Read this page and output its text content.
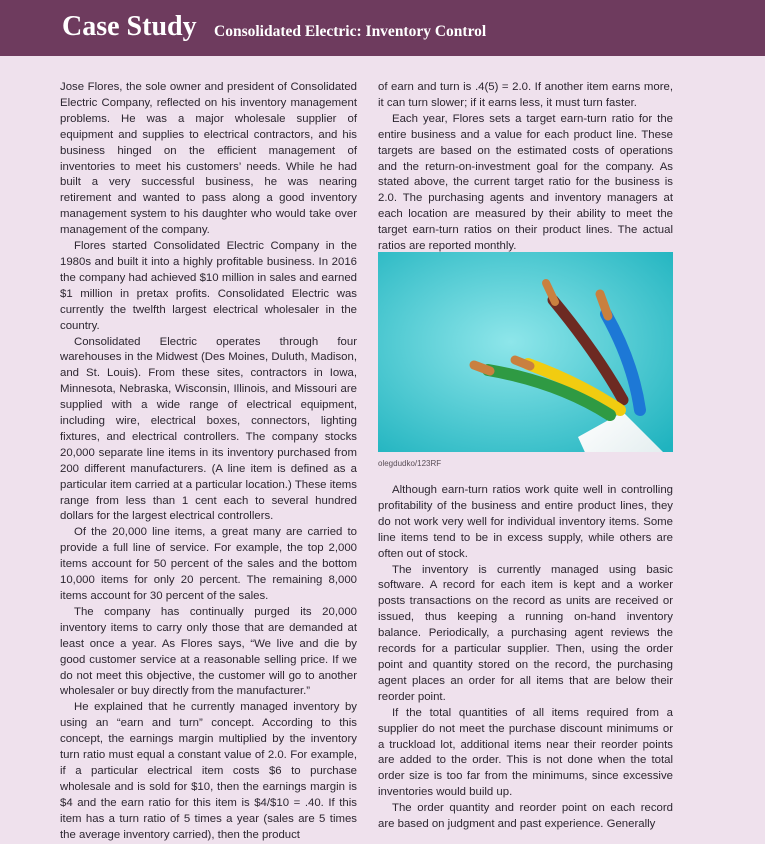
Case Study Consolidated Electric: Inventory Control

Jose Flores, the sole owner and president of Consolidated Electric Company, reflected on his inventory management problems. He was a major wholesale supplier of equipment and supplies to electrical contractors, and his business hinged on the efficient management of inventories to meet his customers’ needs. While he had built a very successful business, he was nearing retirement and wanted to pass along a good inventory management system to his daughter who would take over management of the company.

Flores started Consolidated Electric Company in the 1980s and built it into a highly profitable business. In 2016 the company had achieved $10 million in sales and earned $1 million in pretax profits. Consolidated Electric was currently the twelfth largest electrical wholesaler in the country.

Consolidated Electric operates through four warehouses in the Midwest (Des Moines, Duluth, Madison, and St. Louis). From these sites, contractors in Iowa, Minnesota, Nebraska, Wisconsin, Illinois, and Missouri are supplied with a wide range of electrical equipment, including wire, electrical boxes, connectors, lighting fixtures, and electrical controllers. The company stocks 20,000 separate line items in its inventory purchased from 200 different manufacturers. (A line item is defined as a particular item carried at a particular location.) These items range from less than 1 cent each to several hundred dollars for the largest electrical controllers.

Of the 20,000 line items, a great many are carried to provide a full line of service. For example, the top 2,000 items account for 50 percent of the sales and the bottom 10,000 items for only 20 percent. The remaining 8,000 items account for 30 percent of the sales.

The company has continually purged its 20,000 inventory items to carry only those that are demanded at least once a year. As Flores says, “We live and die by good customer service at a reasonable selling price. If we do not meet this objective, the customer will go to another wholesaler or buy directly from the manufacturer.”

He explained that he currently managed inventory by using an “earn and turn” concept. According to this concept, the earnings margin multiplied by the inventory turn ratio must equal a constant value of 2.0. For example, if a particular electrical item costs $6 to purchase wholesale and is sold for $10, then the earnings margin is $4 and the earn ratio for this item is $4/$10 = .40. If this item has a turn ratio of 5 times a year (sales are 5 times the average inventory carried), then the product

of earn and turn is .4(5) = 2.0. If another item earns more, it can turn slower; if it earns less, it must turn faster.

Each year, Flores sets a target earn-turn ratio for the entire business and a value for each product line. These targets are based on the estimated costs of operations and the return-on-investment goal for the company. As stated above, the current target ratio for the business is 2.0. The purchasing agents and inventory managers at each location are measured by their ability to meet the target earn-turn ratios on their product lines. The actual ratios are reported monthly.

olegdudko/123RF

Although earn-turn ratios work quite well in controlling profitability of the business and entire product lines, they do not work very well for individual inventory items. Some line items tend to be in excess supply, while others are often out of stock.

The inventory is currently managed using basic software. A record for each item is kept and a worker posts transactions on the record as units are received or issued, thus keeping a running on-hand inventory balance. Periodically, a purchasing agent reviews the records for a particular supplier. Then, using the order point and quantity stored on the record, the purchasing agent places an order for all items that are below their reorder point.

If the total quantities of all items required from a supplier do not meet the purchase discount minimums or a truckload lot, additional items near their reorder points are added to the order. This is not done when the total order size is too far from the minimums, since excessive inventories would build up.

The order quantity and reorder point on each record are based on judgment and past experience. Generally
